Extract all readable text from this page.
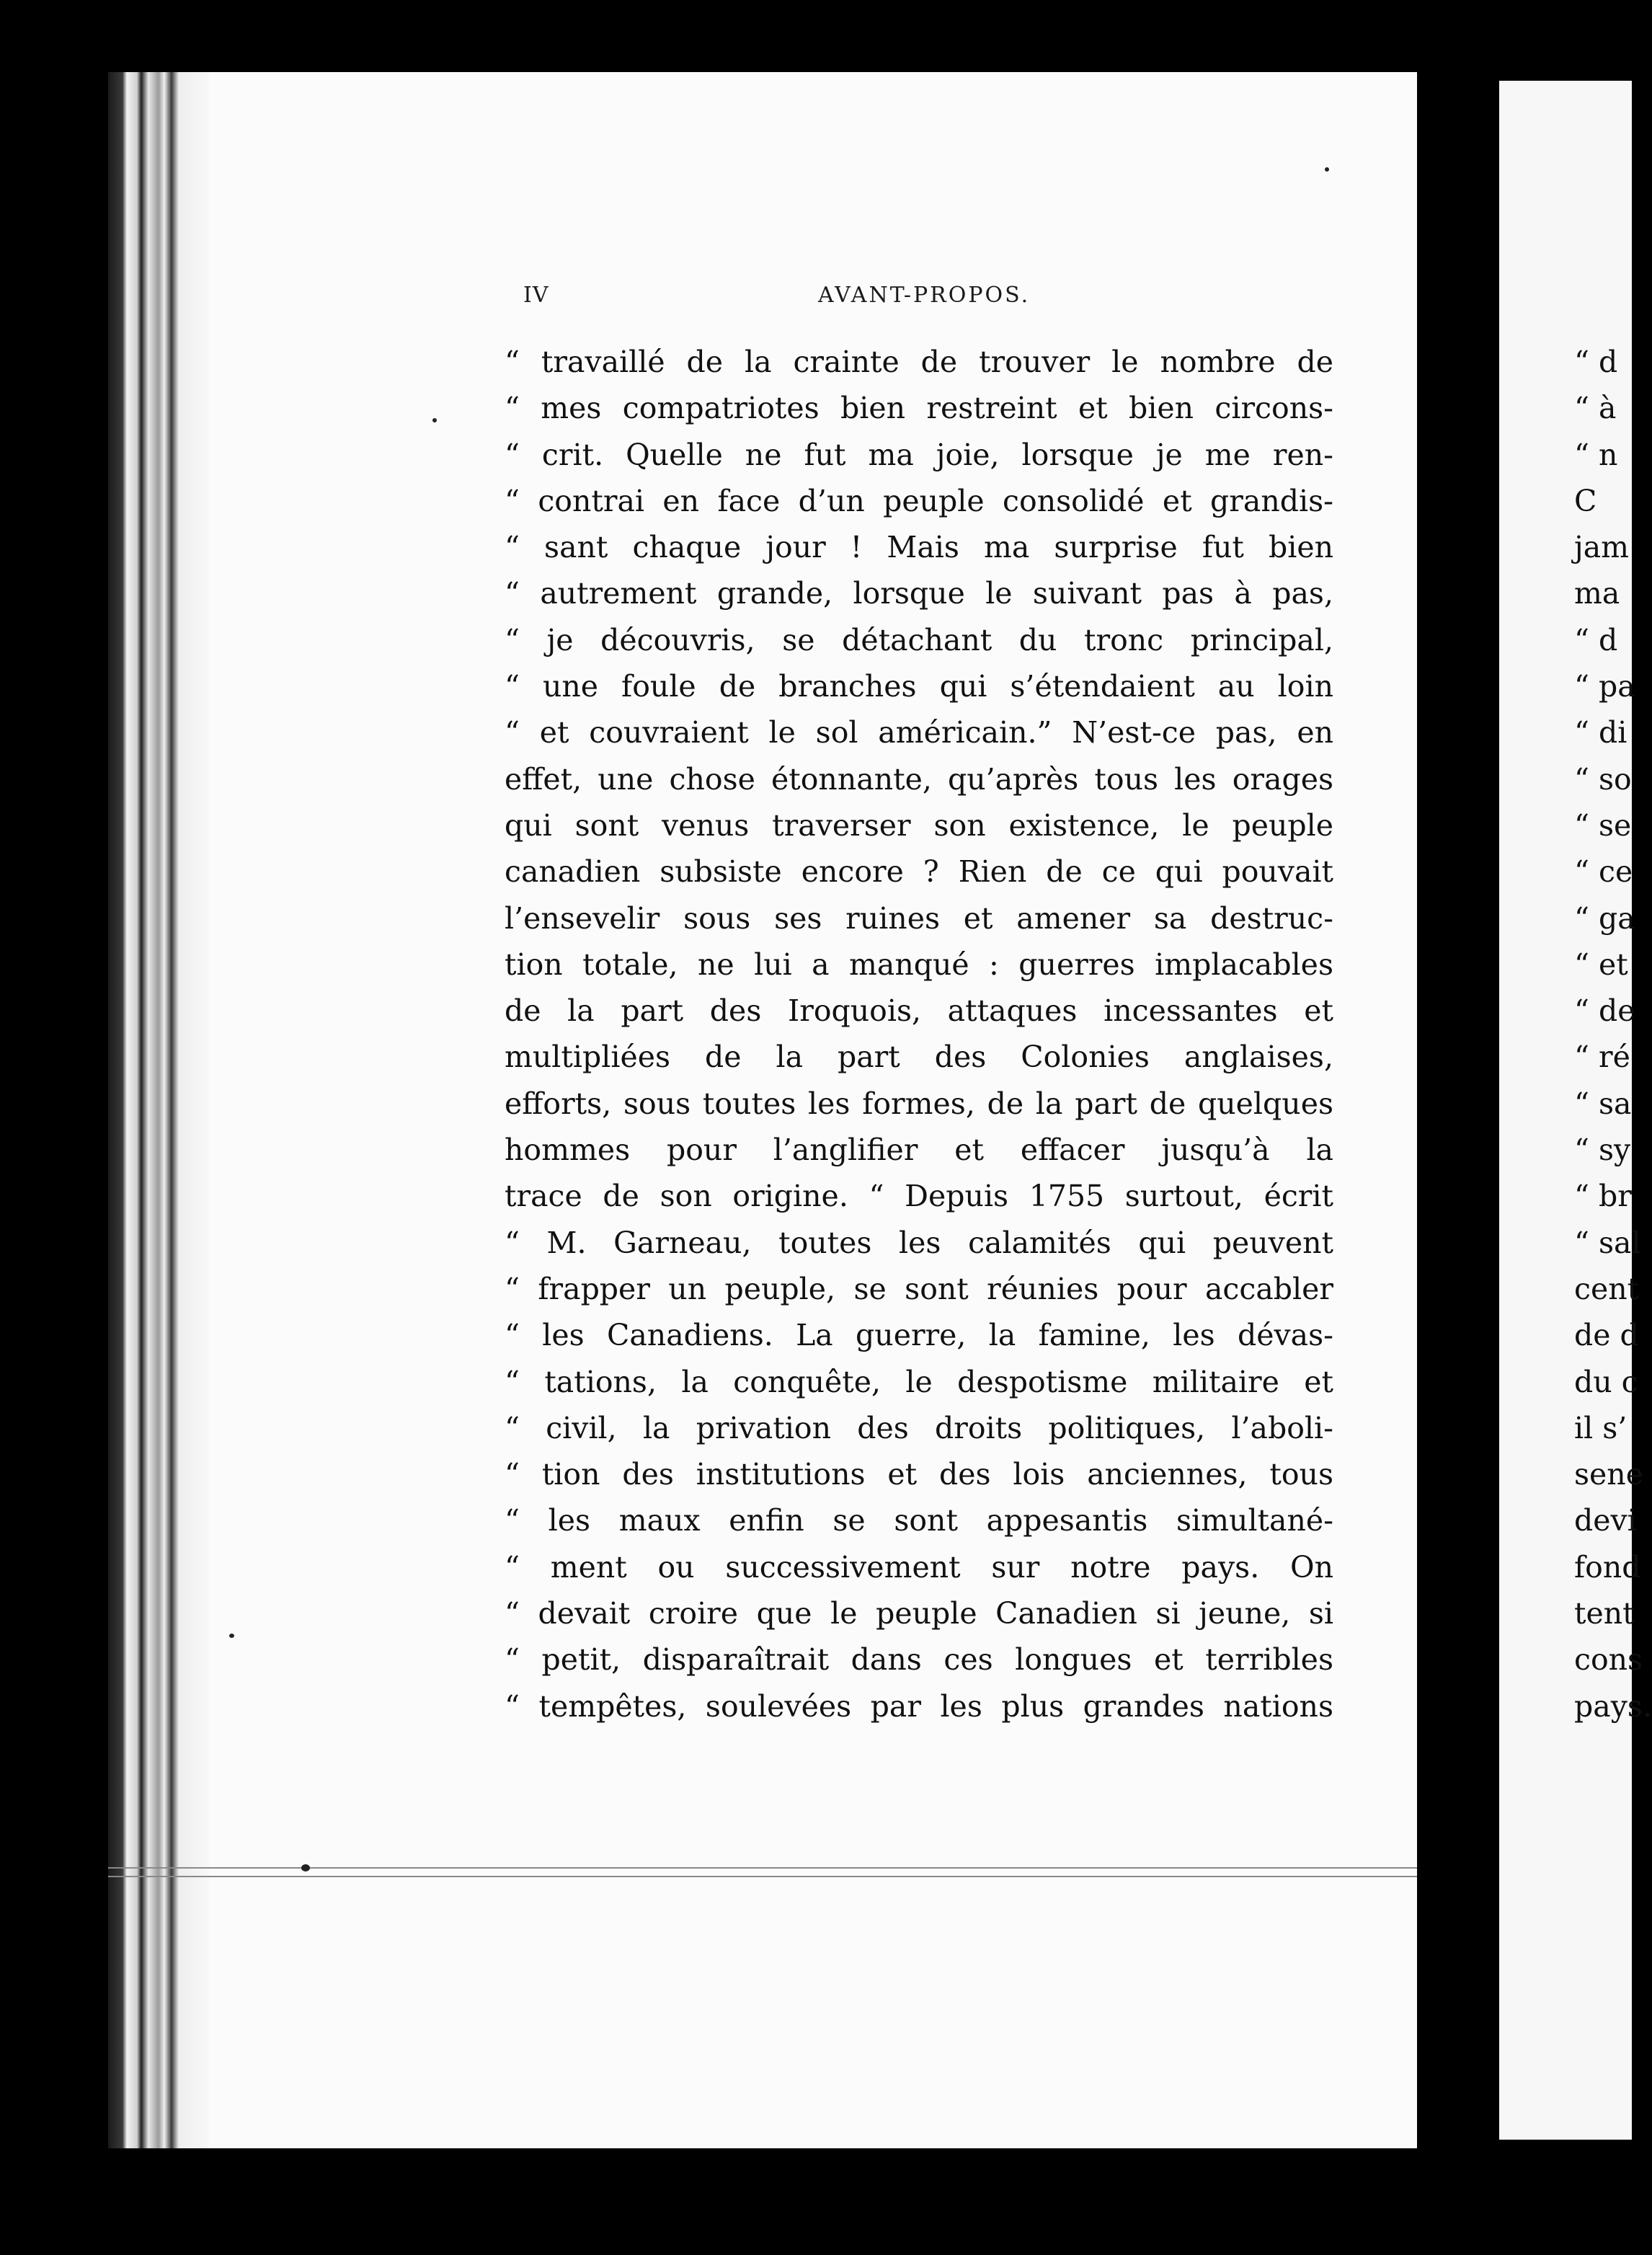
IV	AVANT-PROPOS.
“ travaillé de la crainte de trouver le nombre de
“ mes compatriotes bien restreint et bien circons-
“ crit. Quelle ne fut ma joie, lorsque je me ren-
“ contrai en face d’un peuple consolidé et grandis-
“ sant chaque jour ! Mais ma surprise fut bien
“ autrement grande, lorsque le suivant pas à pas,
“ je découvris, se détachant du tronc principal,
“ une foule de branches qui s’étendaient au loin
“ et couvraient le sol américain.” N’est-ce pas, en
effet, une chose étonnante, qu’après tous les orages
qui sont venus traverser son existence, le peuple
canadien subsiste encore ? Rien de ce qui pouvait
l’ensevelir sous ses ruines et amener sa destruc-
tion totale, ne lui a manqué : guerres implacables
de la part des Iroquois, attaques incessantes et
multipliées de la part des Colonies anglaises,
efforts, sous toutes les formes, de la part de quelques
hommes pour l’anglifier et effacer jusqu’à la
trace de son origine. “ Depuis 1755 surtout, écrit
“ M. Garneau, toutes les calamités qui peuvent
“ frapper un peuple, se sont réunies pour accabler
“ les Canadiens. La guerre, la famine, les dévas-
“ tations, la conquête, le despotisme militaire et
“ civil, la privation des droits politiques, l’aboli-
“ tion des institutions et des lois anciennes, tous
“ les maux enfin se sont appesantis simultané-
“ ment ou successivement sur notre pays. On
“ devait croire que le peuple Canadien si jeune, si
“ petit, disparaîtrait dans ces longues et terribles
“ tempêtes, soulevées par les plus grandes nations
“ d
“ à
“ n
C
jam
ma
“ d
“ pa
“ di
“ so
“ se
“ ce
“ ga
“ et
“ de
“ ré
“ sa
“ sy
“ br
“ sal
cent
de d
du c
il s’
sene
devi
fond
tent
cons
pays.
